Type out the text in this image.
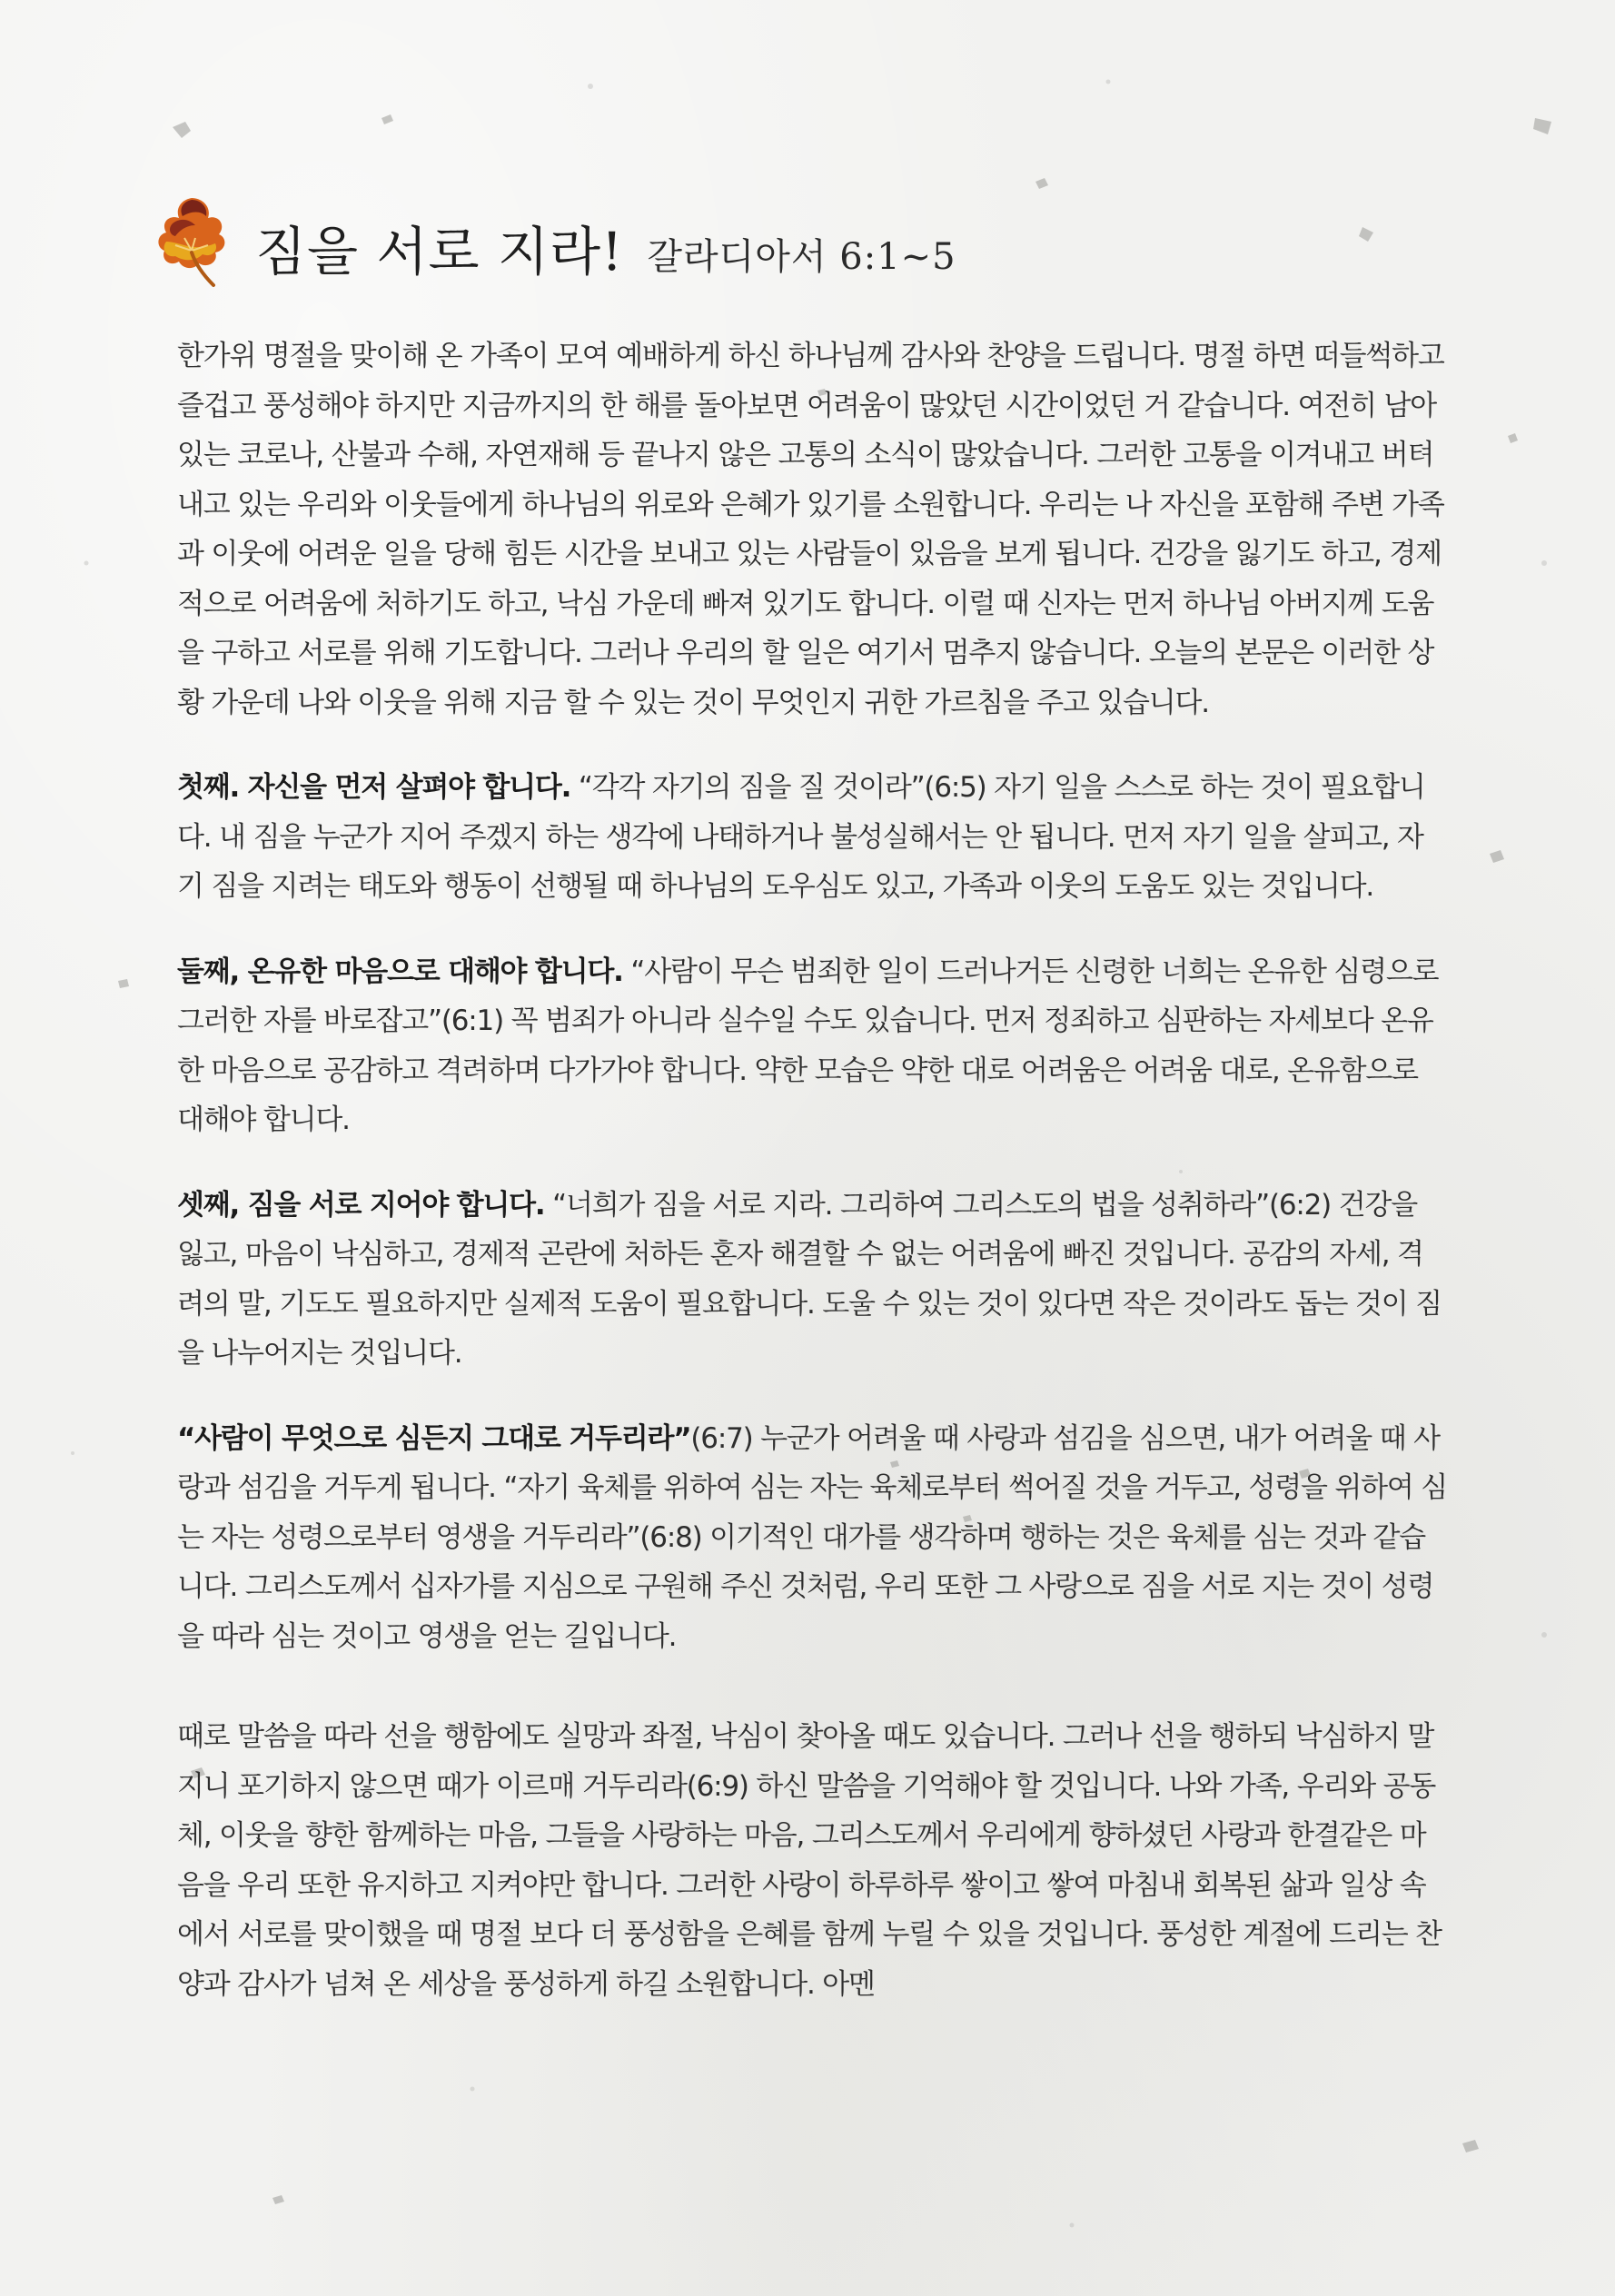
짐을 서로 지라! 갈라디아서 6:1~5

한가위 명절을 맞이해 온 가족이 모여 예배하게 하신 하나님께 감사와 찬양을 드립니다. 명절 하면 떠들썩하고 즐겁고 풍성해야 하지만 지금까지의 한 해를 돌아보면 어려움이 많았던 시간이었던 거 같습니다. 여전히 남아 있는 코로나, 산불과 수해, 자연재해 등 끝나지 않은 고통의 소식이 많았습니다. 그러한 고통을 이겨내고 버텨내고 있는 우리와 이웃들에게 하나님의 위로와 은혜가 있기를 소원합니다. 우리는 나 자신을 포함해 주변 가족과 이웃에 어려운 일을 당해 힘든 시간을 보내고 있는 사람들이 있음을 보게 됩니다. 건강을 잃기도 하고, 경제적으로 어려움에 처하기도 하고, 낙심 가운데 빠져 있기도 합니다. 이럴 때 신자는 먼저 하나님 아버지께 도움을 구하고 서로를 위해 기도합니다. 그러나 우리의 할 일은 여기서 멈추지 않습니다. 오늘의 본문은 이러한 상황 가운데 나와 이웃을 위해 지금 할 수 있는 것이 무엇인지 귀한 가르침을 주고 있습니다.

첫째. 자신을 먼저 살펴야 합니다. “각각 자기의 짐을 질 것이라”(6:5) 자기 일을 스스로 하는 것이 필요합니다. 내 짐을 누군가 지어 주겠지 하는 생각에 나태하거나 불성실해서는 안 됩니다. 먼저 자기 일을 살피고, 자기 짐을 지려는 태도와 행동이 선행될 때 하나님의 도우심도 있고, 가족과 이웃의 도움도 있는 것입니다.

둘째, 온유한 마음으로 대해야 합니다. “사람이 무슨 범죄한 일이 드러나거든 신령한 너희는 온유한 심령으로 그러한 자를 바로잡고”(6:1) 꼭 범죄가 아니라 실수일 수도 있습니다. 먼저 정죄하고 심판하는 자세보다 온유한 마음으로 공감하고 격려하며 다가가야 합니다. 약한 모습은 약한 대로 어려움은 어려움 대로, 온유함으로 대해야 합니다.

셋째, 짐을 서로 지어야 합니다. “너희가 짐을 서로 지라. 그리하여 그리스도의 법을 성취하라”(6:2) 건강을 잃고, 마음이 낙심하고, 경제적 곤란에 처하든 혼자 해결할 수 없는 어려움에 빠진 것입니다. 공감의 자세, 격려의 말, 기도도 필요하지만 실제적 도움이 필요합니다. 도울 수 있는 것이 있다면 작은 것이라도 돕는 것이 짐을 나누어지는 것입니다.

“사람이 무엇으로 심든지 그대로 거두리라”(6:7) 누군가 어려울 때 사랑과 섬김을 심으면, 내가 어려울 때 사랑과 섬김을 거두게 됩니다. “자기 육체를 위하여 심는 자는 육체로부터 썩어질 것을 거두고, 성령을 위하여 심는 자는 성령으로부터 영생을 거두리라”(6:8) 이기적인 대가를 생각하며 행하는 것은 육체를 심는 것과 같습니다. 그리스도께서 십자가를 지심으로 구원해 주신 것처럼, 우리 또한 그 사랑으로 짐을 서로 지는 것이 성령을 따라 심는 것이고 영생을 얻는 길입니다.

때로 말씀을 따라 선을 행함에도 실망과 좌절, 낙심이 찾아올 때도 있습니다. 그러나 선을 행하되 낙심하지 말지니 포기하지 않으면 때가 이르매 거두리라(6:9) 하신 말씀을 기억해야 할 것입니다. 나와 가족, 우리와 공동체, 이웃을 향한 함께하는 마음, 그들을 사랑하는 마음, 그리스도께서 우리에게 향하셨던 사랑과 한결같은 마음을 우리 또한 유지하고 지켜야만 합니다. 그러한 사랑이 하루하루 쌓이고 쌓여 마침내 회복된 삶과 일상 속에서 서로를 맞이했을 때 명절 보다 더 풍성함을 은혜를 함께 누릴 수 있을 것입니다. 풍성한 계절에 드리는 찬양과 감사가 넘쳐 온 세상을 풍성하게 하길 소원합니다. 아멘
